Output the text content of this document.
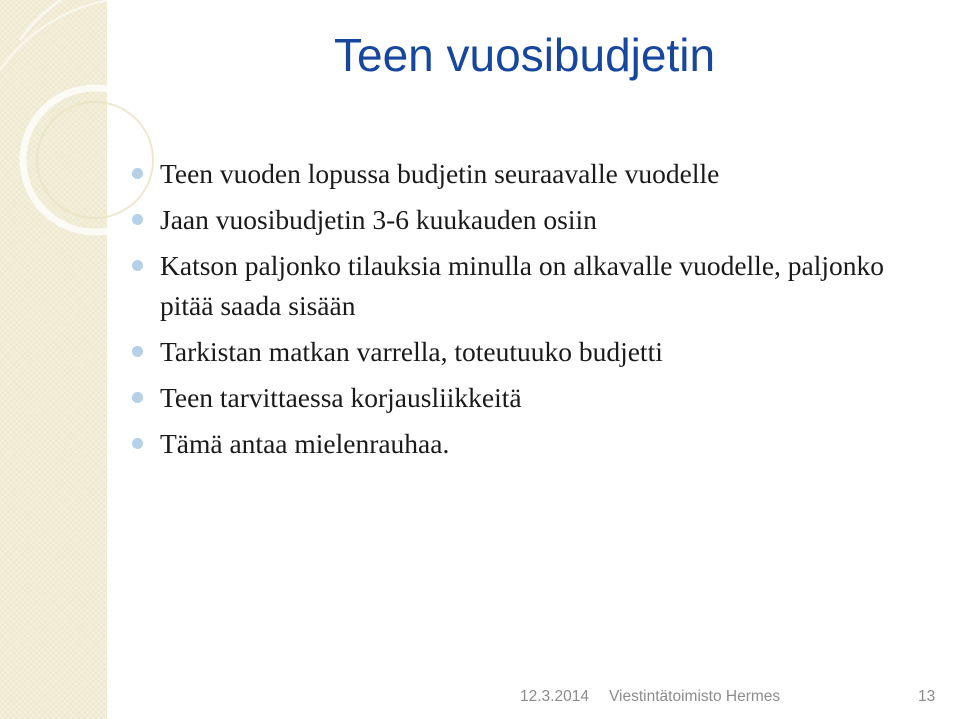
Teen vuosibudjetin
Teen vuoden lopussa budjetin seuraavalle vuodelle
Jaan vuosibudjetin 3-6 kuukauden osiin
Katson paljonko tilauksia minulla on alkavalle vuodelle, paljonko pitää saada sisään
Tarkistan matkan varrella, toteutuuko budjetti
Teen tarvittaessa korjausliikkeitä
Tämä antaa mielenrauhaa.
12.3.2014 Viestintätoimisto Hermes	13
